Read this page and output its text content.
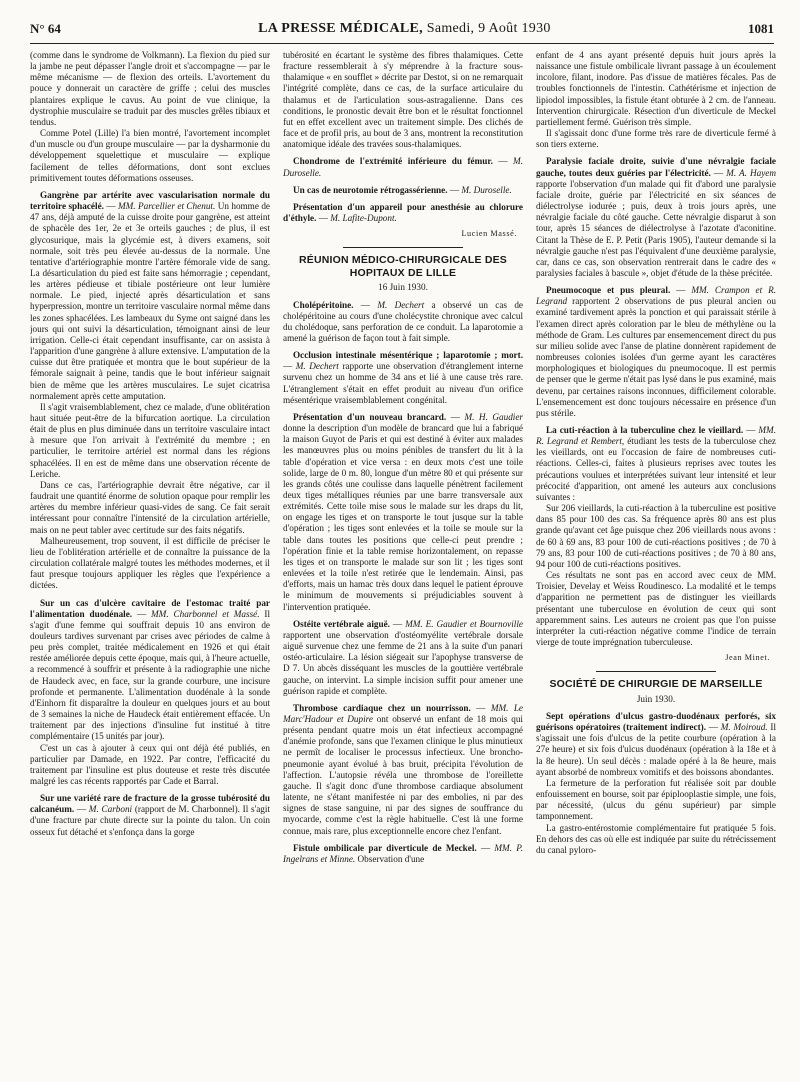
N° 64	LA PRESSE MÉDICALE, Samedi, 9 Août 1930	1081

(comme dans le syndrome de Volkmann). La flexion du pied sur la jambe ne peut dépasser l'angle droit et s'accompagne — par le même mécanisme — de flexion des orteils. L'avortement du pouce y donnerait un caractère de griffe ; celui des muscles plantaires explique le cavus. Au point de vue clinique, la dystrophie musculaire se traduit par des muscles grêles tibiaux et tendus.

Comme Potel (Lille) l'a bien montré, l'avortement incomplet d'un muscle ou d'un groupe musculaire — par la dysharmonie du développement squelettique et musculaire — explique facilement de telles déformations, dont sont exclues primitivement toutes déformations osseuses.

Gangrène par artérite avec vascularisation normale du territoire sphacélé. — MM. Parcellier et Chenut. Un homme de 47 ans, déjà amputé de la cuisse droite pour gangrène, est atteint de sphacèle des 1er, 2e et 3e orteils gauches ; de plus, il est glycosurique, mais la glycémie est, à divers examens, soit normale, soit très peu élevée au-dessus de la normale. Une tentative d'artériographie montre l'artère fémorale vide de sang. La désarticulation du pied est faite sans hémorragie ; cependant, les artères pédieuse et tibiale postérieure ont leur lumière normale. Le pied, injecté après désarticulation et sans hyperpression, montre un territoire vasculaire normal même dans les zones sphacélées. Les lambeaux du Syme ont saigné dans les jours qui ont suivi la désarticulation, témoignant ainsi de leur irrigation. Celle-ci était cependant insuffisante, car on assista à l'apparition d'une gangrène à allure extensive. L'amputation de la cuisse dut être pratiquée et montra que le bout supérieur de la fémorale saignait à peine, tandis que le bout inférieur saignait bien de même que les artères musculaires. Le sujet cicatrisa normalement après cette amputation.

Il s'agit vraisemblablement, chez ce malade, d'une oblitération haut située peut-être de la bifurcation aortique. La circulation était de plus en plus diminuée dans un territoire vasculaire intact à mesure que l'on arrivait à l'extrémité du membre ; en particulier, le territoire artériel est normal dans les régions sphacélées. Il en est de même dans une observation récente de Leriche.

Dans ce cas, l'artériographie devrait être négative, car il faudrait une quantité énorme de solution opaque pour remplir les artères du membre inférieur quasi-vides de sang. Ce fait serait intéressant pour connaître l'intensité de la circulation artérielle, mais on ne peut tabler avec certitude sur des faits négatifs.

Malheureusement, trop souvent, il est difficile de préciser le lieu de l'oblitération artérielle et de connaître la puissance de la circulation collatérale malgré toutes les méthodes modernes, et il faut presque toujours appliquer les règles que l'expérience a dictées.

Sur un cas d'ulcère cavitaire de l'estomac traité par l'alimentation duodénale. — MM. Charbonnel et Massé. Il s'agit d'une femme qui souffrait depuis 10 ans environ de douleurs tardives survenant par crises avec périodes de calme à peu près complet, traitée médicalement en 1926 et qui était restée améliorée depuis cette époque, mais qui, à l'heure actuelle, a recommencé à souffrir et présente à la radiographie une niche de Haudeck avec, en face, sur la grande courbure, une incisure profonde et permanente. L'alimentation duodénale à la sonde d'Einhorn fit disparaître la douleur en quelques jours et au bout de 3 semaines la niche de Haudeck était entièrement effacée. Un traitement par des injections d'insuline fut institué à titre complémentaire (15 unités par jour).

C'est un cas à ajouter à ceux qui ont déjà été publiés, en particulier par Damade, en 1922. Par contre, l'efficacité du traitement par l'insuline est plus douteuse et reste très discutée malgré les cas récents rapportés par Cade et Barral.

Sur une variété rare de fracture de la grosse tubérosité du calcanéum. — M. Carboni (rapport de M. Charbonnel). Il s'agit d'une fracture par chute directe sur la pointe du talon. Un coin osseux fut détaché et s'enfonça dans la gorge

tubérosité en écartant le système des fibres thalamiques. Cette fracture ressemblerait à s'y méprendre à la fracture sous-thalamique « en soufflet » décrite par Destot, si on ne remarquait l'intégrité complète, dans ce cas, de la surface articulaire du thalamus et de l'articulation sous-astragalienne. Dans ces conditions, le pronostic devait être bon et le résultat fonctionnel fut en effet excellent avec un traitement simple. Des clichés de face et de profil pris, au bout de 3 ans, montrent la reconstitution anatomique idéale des travées sous-thalamiques.

Chondrome de l'extrémité inférieure du fémur. — M. Duroselle.

Un cas de neurotomie rétrogassérienne. — M. Duroselle.

Présentation d'un appareil pour anesthésie au chlorure d'éthyle. — M. Lafite-Dupont.

Lucien Massé.
RÉUNION MÉDICO-CHIRURGICALE DES HOPITAUX DE LILLE
16 Juin 1930.

Cholépéritoine. — M. Dechert a observé un cas de cholépéritoine au cours d'une cholécystite chronique avec calcul du cholédoque, sans perforation de ce conduit. La laparotomie a amené la guérison de façon tout à fait simple.

Occlusion intestinale mésentérique ; laparotomie ; mort. — M. Dechert rapporte une observation d'étranglement interne survenu chez un homme de 34 ans et lié à une cause très rare. L'étranglement s'était en effet produit au niveau d'un orifice mésentérique vraisemblablement congénital.

Présentation d'un nouveau brancard. — M. H. Gaudier donne la description d'un modèle de brancard que lui a fabriqué la maison Guyot de Paris et qui est destiné à éviter aux malades les manœuvres plus ou moins pénibles de transfert du lit à la table d'opération et vice versa : en deux mots c'est une toile solide, large de 0 m. 80, longue d'un mètre 80 et qui présente sur les grands côtés une coulisse dans laquelle pénètrent facilement deux tiges métalliques réunies par une barre transversale aux extrémités. Cette toile mise sous le malade sur les draps du lit, on engage les tiges et on transporte le tout jusque sur la table d'opération ; les tiges sont enlevées et la toile se moule sur la table dans toutes les positions que celle-ci peut prendre ; l'opération finie et la table remise horizontalement, on repasse les tiges et on transporte le malade sur son lit ; les tiges sont enlevées et la toile n'est retirée que le lendemain. Ainsi, pas d'efforts, mais un hamac très doux dans lequel le patient éprouve le minimum de mouvements si préjudiciables souvent à l'intervention pratiquée.

Ostéite vertébrale aiguë. — MM. E. Gaudier et Bournoville rapportent une observation d'ostéomyélite vertébrale dorsale aiguë survenue chez une femme de 21 ans à la suite d'un panari ostéo-articulaire. La lésion siégeait sur l'apophyse transverse de D 7. Un abcès disséquant les muscles de la gouttière vertébrale gauche, on intervint. La simple incision suffit pour amener une guérison rapide et complète.

Thrombose cardiaque chez un nourrisson. — MM. Le Marc'Hadour et Dupire ont observé un enfant de 18 mois qui présenta pendant quatre mois un état infectieux accompagné d'anémie profonde, sans que l'examen clinique le plus minutieux ne permît de localiser le processus infectieux. Une broncho-pneumonie ayant évolué à bas bruit, précipita l'évolution de l'affection. L'autopsie révéla une thrombose de l'oreillette gauche. Il s'agit donc d'une thrombose cardiaque absolument latente, ne s'étant manifestée ni par des embolies, ni par des signes de stase sanguine, ni par des signes de souffrance du myocarde, comme c'est la règle habituelle. C'est là une forme connue, mais rare, plus exceptionnelle encore chez l'enfant.

Fistule ombilicale par diverticule de Meckel. — MM. P. Ingelrans et Minne. Observation d'une

enfant de 4 ans ayant présenté depuis huit jours après la naissance une fistule ombilicale livrant passage à un écoulement incolore, filant, inodore. Pas d'issue de matières fécales. Pas de troubles fonctionnels de l'intestin. Cathétérisme et injection de lipiodol impossibles, la fistule étant obturée à 2 cm. de l'anneau. Intervention chirurgicale. Résection d'un diverticule de Meckel partiellement fermé. Guérison très simple.

Il s'agissait donc d'une forme très rare de diverticule fermé à son tiers externe.

Paralysie faciale droite, suivie d'une névralgie faciale gauche, toutes deux guéries par l'électricité. — M. A. Hayem rapporte l'observation d'un malade qui fit d'abord une paralysie faciale droite, guérie par l'électricité en six séances de diélectrolyse iodurée ; puis, deux à trois jours après, une névralgie faciale du côté gauche. Cette névralgie disparut à son tour, après 15 séances de diélectrolyse à l'azotate d'aconitine. Citant la Thèse de E. P. Petit (Paris 1905), l'auteur demande si la névralgie gauche n'est pas l'équivalent d'une deuxième paralysie, car, dans ce cas, son observation rentrerait dans le cadre des « paralysies faciales à bascule », objet d'étude de la thèse précitée.

Pneumocoque et pus pleural. — MM. Crampon et R. Legrand rapportent 2 observations de pus pleural ancien ou examiné tardivement après la ponction et qui paraissait stérile à l'examen direct après coloration par le bleu de méthylène ou la méthode de Gram. Les cultures par ensemencement direct du pus sur milieu solide avec l'anse de platine donnèrent rapidement de nombreuses colonies isolées d'un germe ayant les caractères morphologiques et biologiques du pneumocoque. Il est permis de penser que le germe n'était pas lysé dans le pus examiné, mais devenu, par certaines raisons inconnues, difficilement colorable. L'ensemencement est donc toujours nécessaire en présence d'un pus stérile.

La cuti-réaction à la tuberculine chez le vieillard. — MM. R. Legrand et Rembert, étudiant les tests de la tuberculose chez les vieillards, ont eu l'occasion de faire de nombreuses cuti-réactions. Celles-ci, faites à plusieurs reprises avec toutes les précautions voulues et interprétées suivant leur intensité et leur précocité d'apparition, ont amené les auteurs aux conclusions suivantes :

Sur 206 vieillards, la cuti-réaction à la tuberculine est positive dans 85 pour 100 des cas. Sa fréquence après 80 ans est plus grande qu'avant cet âge puisque chez 206 vieillards nous avons : de 60 à 69 ans, 83 pour 100 de cuti-réactions positives ; de 70 à 79 ans, 83 pour 100 de cuti-réactions positives ; de 70 à 80 ans, 94 pour 100 de cuti-réactions positives.

Ces résultats ne sont pas en accord avec ceux de MM. Troisier, Develay et Weiss Roudinesco. La modalité et le temps d'apparition ne permettent pas de distinguer les vieillards présentant une tuberculose en évolution de ceux qui sont apparemment sains. Les auteurs ne croient pas que l'on puisse interpréter la cuti-réaction négative comme l'indice de terrain vierge de toute imprégnation tuberculeuse.

Jean Minet.
SOCIÉTÉ DE CHIRURGIE DE MARSEILLE
Juin 1930.

Sept opérations d'ulcus gastro-duodénaux perforés, six guérisons opératoires (traitement indirect). — M. Moiroud. Il s'agissait une fois d'ulcus de la petite courbure (opération à la 27e heure) et six fois d'ulcus duodénaux (opération à la 18e et à la 8e heure). Un seul décès : malade opéré à la 8e heure, mais ayant absorbé de nombreux vomitifs et des boissons abondantes.

La fermeture de la perforation fut réalisée soit par double enfouissement en bourse, soit par épiplooplastie simple, une fois, par nécessité, (ulcus du génu supérieur) par simple tamponnement.

La gastro-entérostomie complémentaire fut pratiquée 5 fois. En dehors des cas où elle est indiquée par suite du rétrécissement du canal pyloro-
